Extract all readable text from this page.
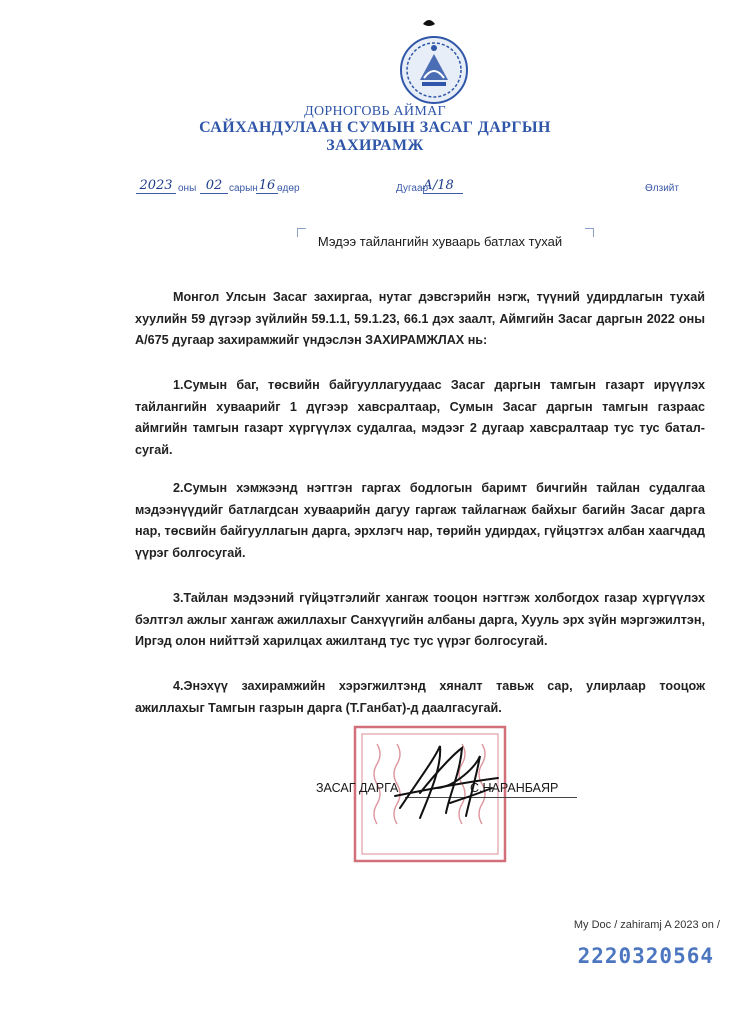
ДОРНОГОВЬ АЙМАГ
САЙХАНДУЛААН СУМЫН ЗАСАГ ДАРГЫН
ЗАХИРАМЖ
2023 оны 02 сарын 16 өдөр	Дугаар
А/18	Өлзийт
Мэдээ тайлангийн хуваарь батлах тухай
Монгол Улсын Засаг захиргаа, нутаг дэвсгэрийн нэгж, түүний удирдлагын тухай хуулийн 59 дүгээр зүйлийн 59.1.1, 59.1.23, 66.1 дэх заалт, Аймгийн Засаг даргын 2022 оны А/675 дугаар захирамжийг үндэслэн ЗАХИРАМЖЛАХ нь:
1.Сумын баг, төсвийн байгууллагуудаас Засаг даргын тамгын газарт ирүүлэх тайлангийн хуваарийг 1 дүгээр хавсралтаар, Сумын Засаг даргын тамгын газраас аймгийн тамгын газарт хүргүүлэх судалгаа, мэдээг 2 дугаар хавсралтаар тус тус баталсугай.
2.Сумын хэмжээнд нэгтгэн гаргах бодлогын баримт бичгийн тайлан судалгаа мэдээнүүдийг батлагдсан хуваарийн дагуу гаргаж тайлагнаж байхыг багийн Засаг дарга нар, төсвийн байгууллагын дарга, эрхлэгч нар, төрийн удирдах, гүйцэтгэх албан хаагчдад үүрэг болгосугай.
3.Тайлан мэдээний гүйцэтгэлийг хангаж тооцон нэгтгэж холбогдох газар хүргүүлэх бэлтгэл ажлыг хангаж ажиллахыг Санхүүгийн албаны дарга, Хууль эрх зүйн мэргэжилтэн, Иргэд олон нийттэй харилцах ажилтанд тус тус үүрэг болгосугай.
4.Энэхүү захирамжийн хэрэгжилтэнд хяналт тавьж сар, улирлаар тооцож ажиллахыг Тамгын газрын дарга (Т.Ганбат)-д даалгасугай.
ЗАСАГ ДАРГА	С.НАРАНБАЯР
My Doc / zahiramj A 2023 on /
2220320564
